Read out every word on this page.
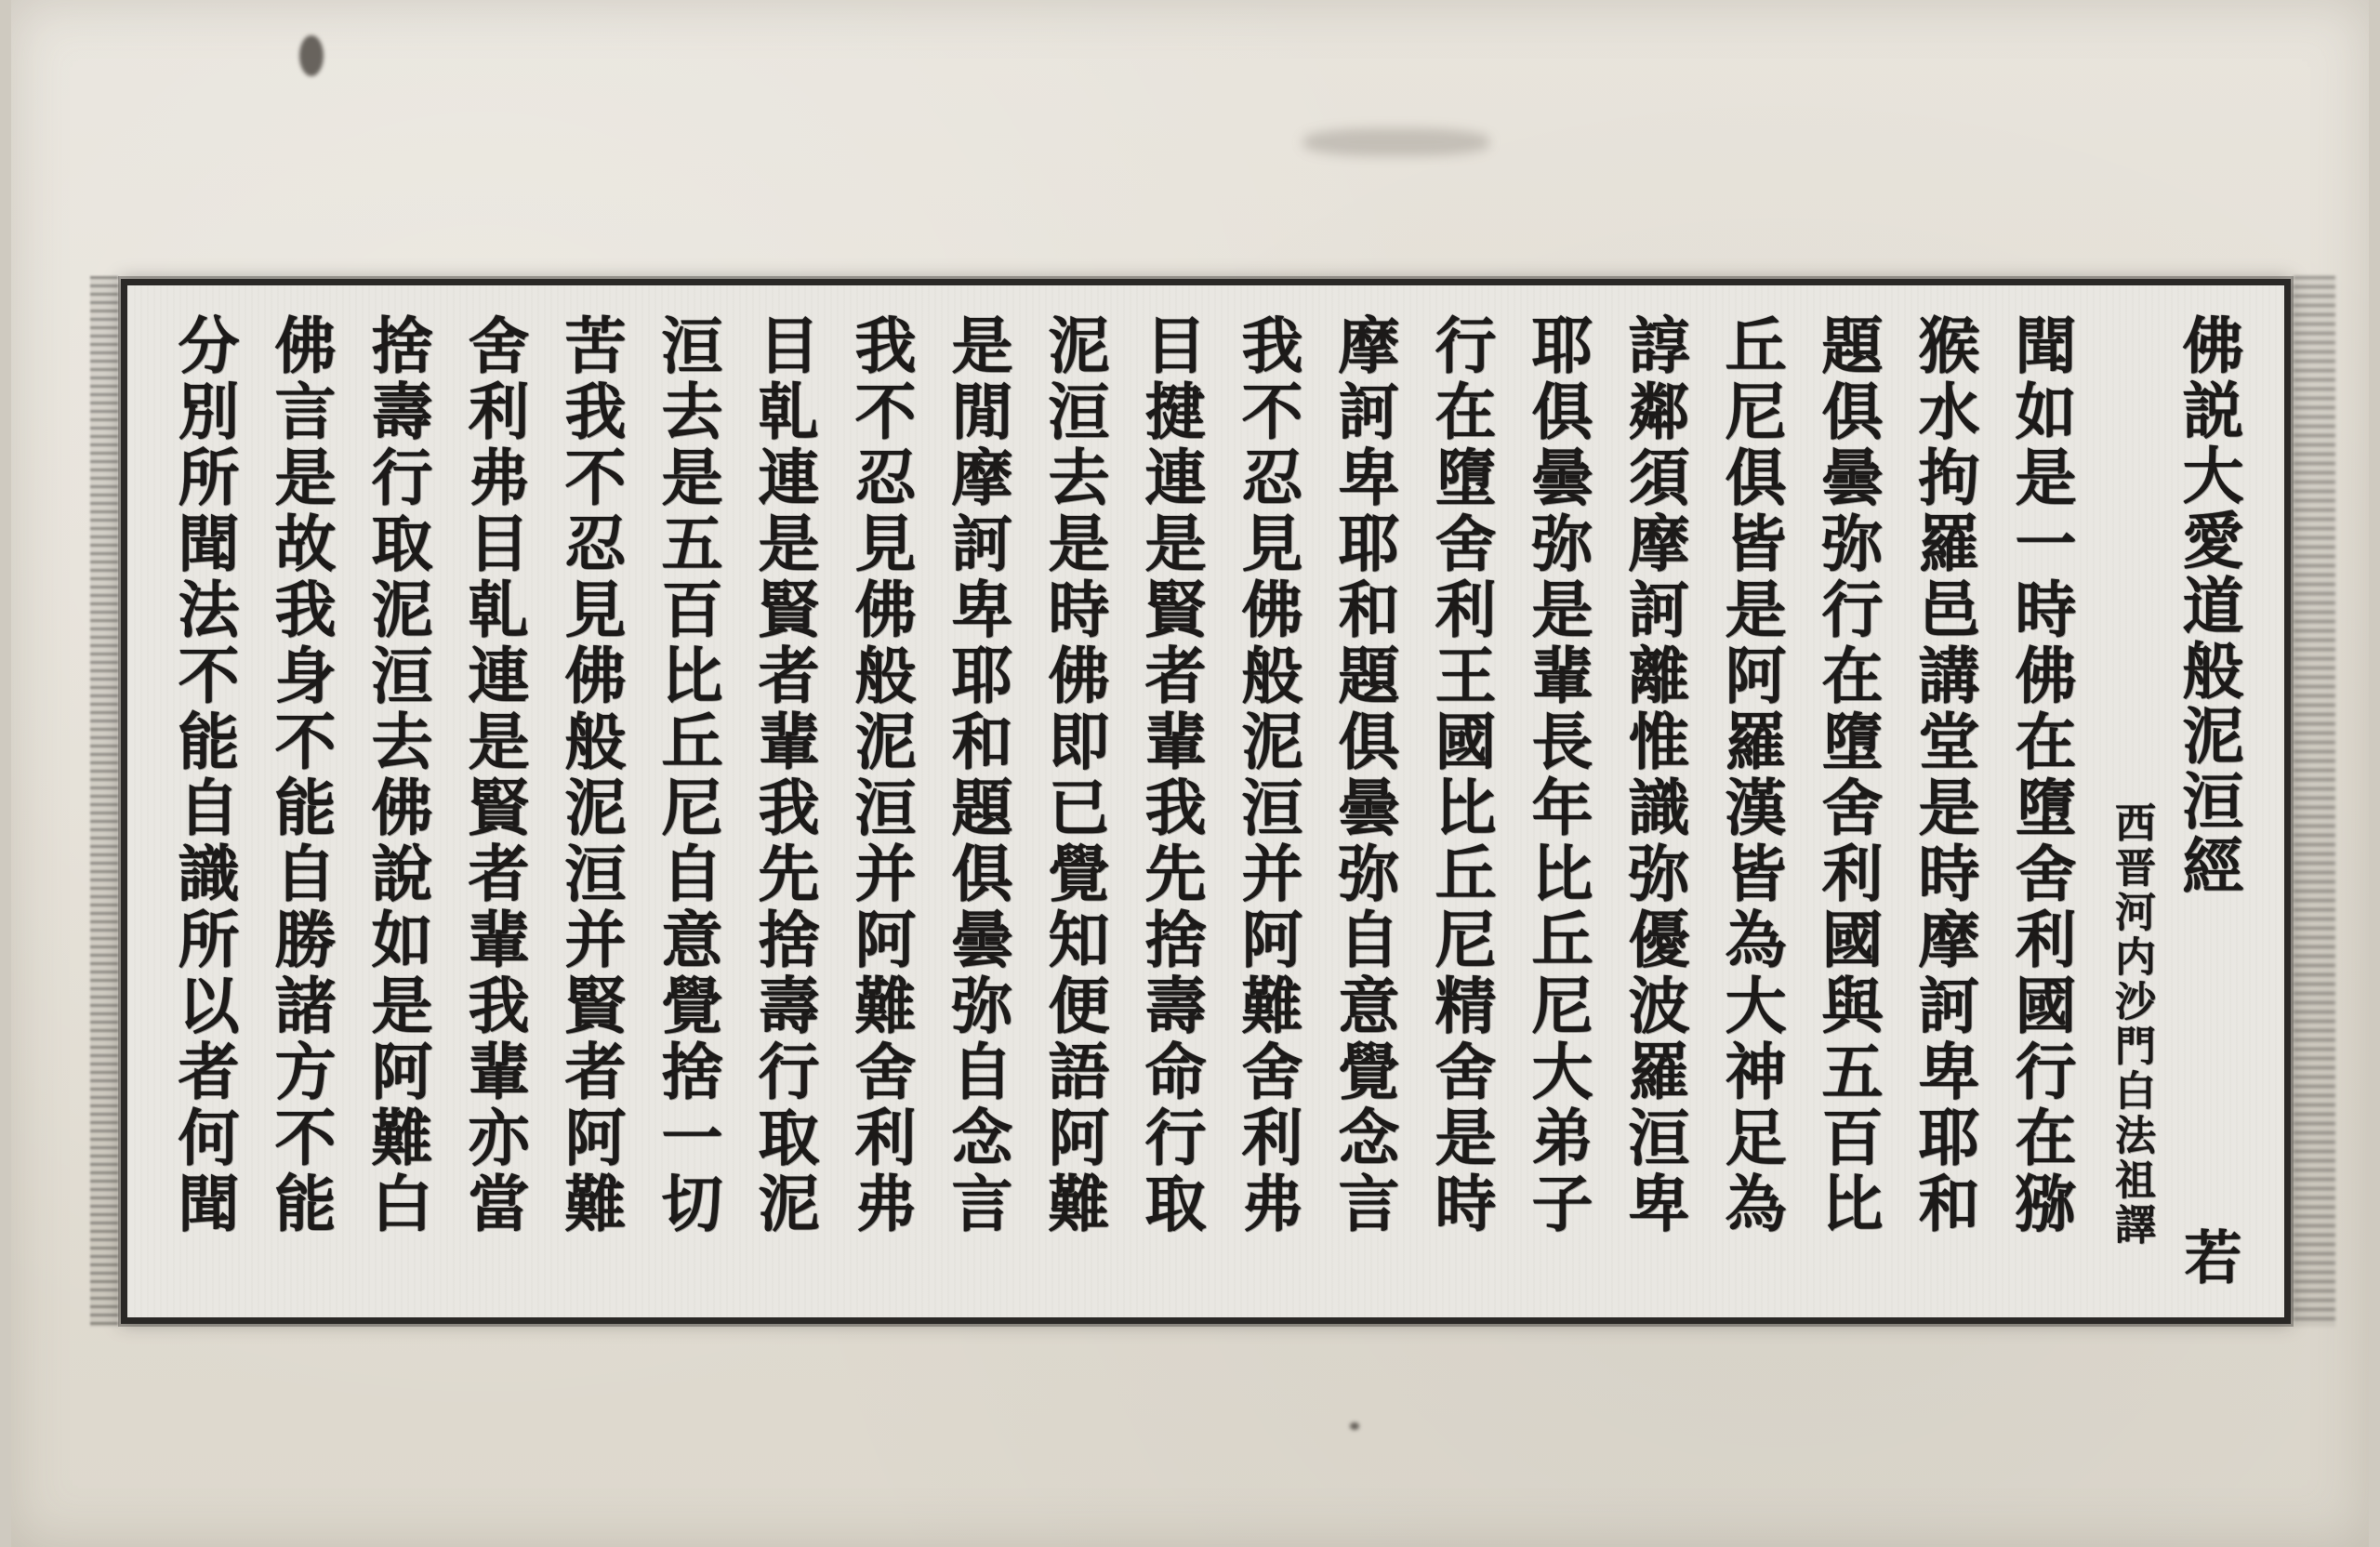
佛説大愛道般泥洹經
若
西晋河内沙門白法祖譯
聞如是一時佛在墮舍利國行在猕
猴水拘羅邑講堂是時摩訶卑耶和
題俱曇弥行在墮舍利國與五百比
丘尼俱皆是阿羅漢皆為大神足為
諄鄰須摩訶離惟識弥優波羅洹卑
耶俱曇弥是輩長年比丘尼大弟子
行在墮舍利王國比丘尼精舍是時
摩訶卑耶和題俱曇弥自意覺念言
我不忍見佛般泥洹并阿難舍利弗
目揵連是賢者輩我先捨壽命行取
泥洹去是時佛即已覺知便語阿難
是閒摩訶卑耶和題俱曇弥自念言
我不忍見佛般泥洹并阿難舍利弗
目乹連是賢者輩我先捨壽行取泥
洹去是五百比丘尼自意覺捨一切
苦我不忍見佛般泥洹并賢者阿難
舍利弗目乹連是賢者輩我輩亦當
捨壽行取泥洹去佛說如是阿難白
佛言是故我身不能自勝諸方不能
分別所聞法不能自識所以者何聞
